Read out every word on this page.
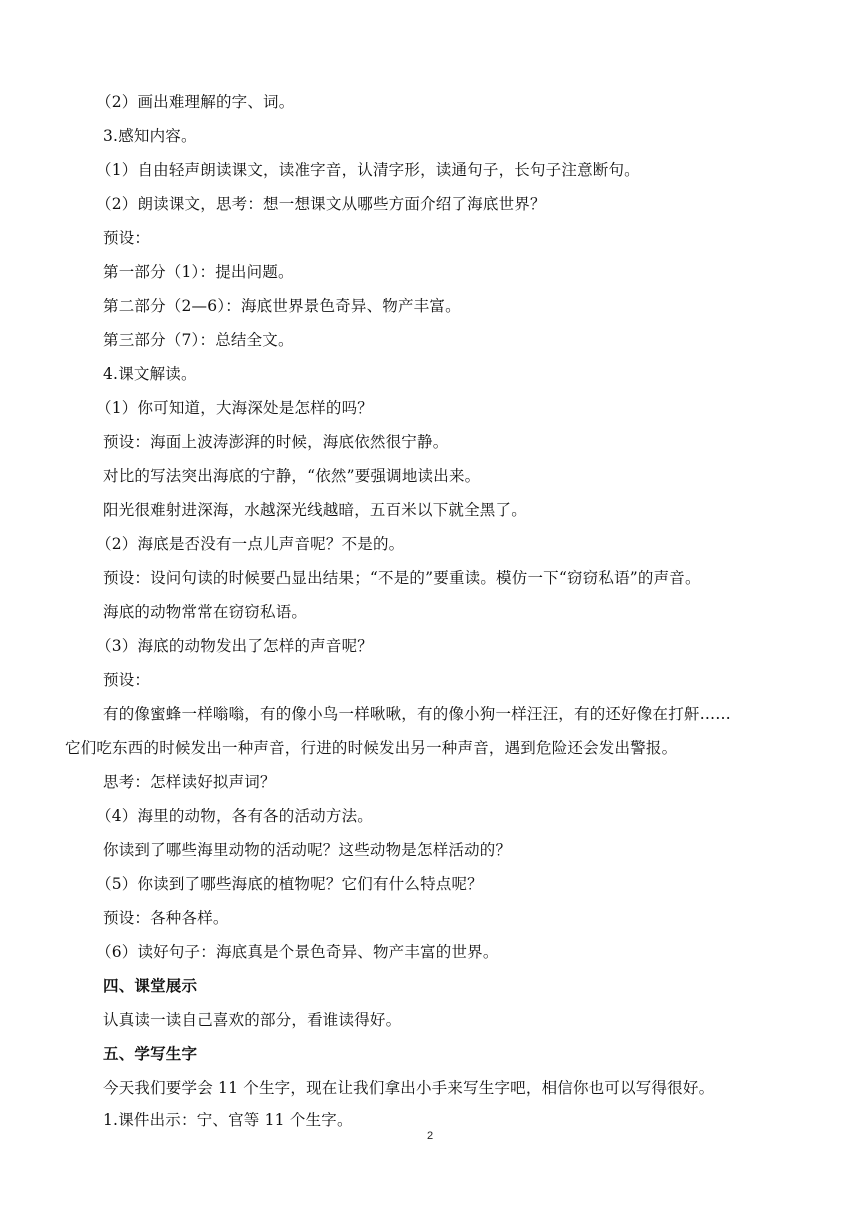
（2）画出难理解的字、词。
3.感知内容。
（1）自由轻声朗读课文，读准字音，认清字形，读通句子，长句子注意断句。
（2）朗读课文，思考：想一想课文从哪些方面介绍了海底世界？
预设：
第一部分（1）：提出问题。
第二部分（2—6）：海底世界景色奇异、物产丰富。
第三部分（7）：总结全文。
4.课文解读。
（1）你可知道，大海深处是怎样的吗？
预设：海面上波涛澎湃的时候，海底依然很宁静。
对比的写法突出海底的宁静，“依然”要强调地读出来。
阳光很难射进深海，水越深光线越暗，五百米以下就全黑了。
（2）海底是否没有一点儿声音呢？不是的。
预设：设问句读的时候要凸显出结果；“不是的”要重读。模仿一下“窃窃私语”的声音。
海底的动物常常在窃窃私语。
（3）海底的动物发出了怎样的声音呢？
预设：
有的像蜜蜂一样嗡嗡，有的像小鸟一样啾啾，有的像小狗一样汪汪，有的还好像在打鼾……
它们吃东西的时候发出一种声音，行进的时候发出另一种声音，遇到危险还会发出警报。
思考：怎样读好拟声词？
（4）海里的动物，各有各的活动方法。
你读到了哪些海里动物的活动呢？这些动物是怎样活动的？
（5）你读到了哪些海底的植物呢？它们有什么特点呢？
预设：各种各样。
（6）读好句子：海底真是个景色奇异、物产丰富的世界。
四、课堂展示
认真读一读自己喜欢的部分，看谁读得好。
五、学写生字
今天我们要学会 11 个生字，现在让我们拿出小手来写生字吧，相信你也可以写得很好。
1.课件出示：宁、官等 11 个生字。
2
